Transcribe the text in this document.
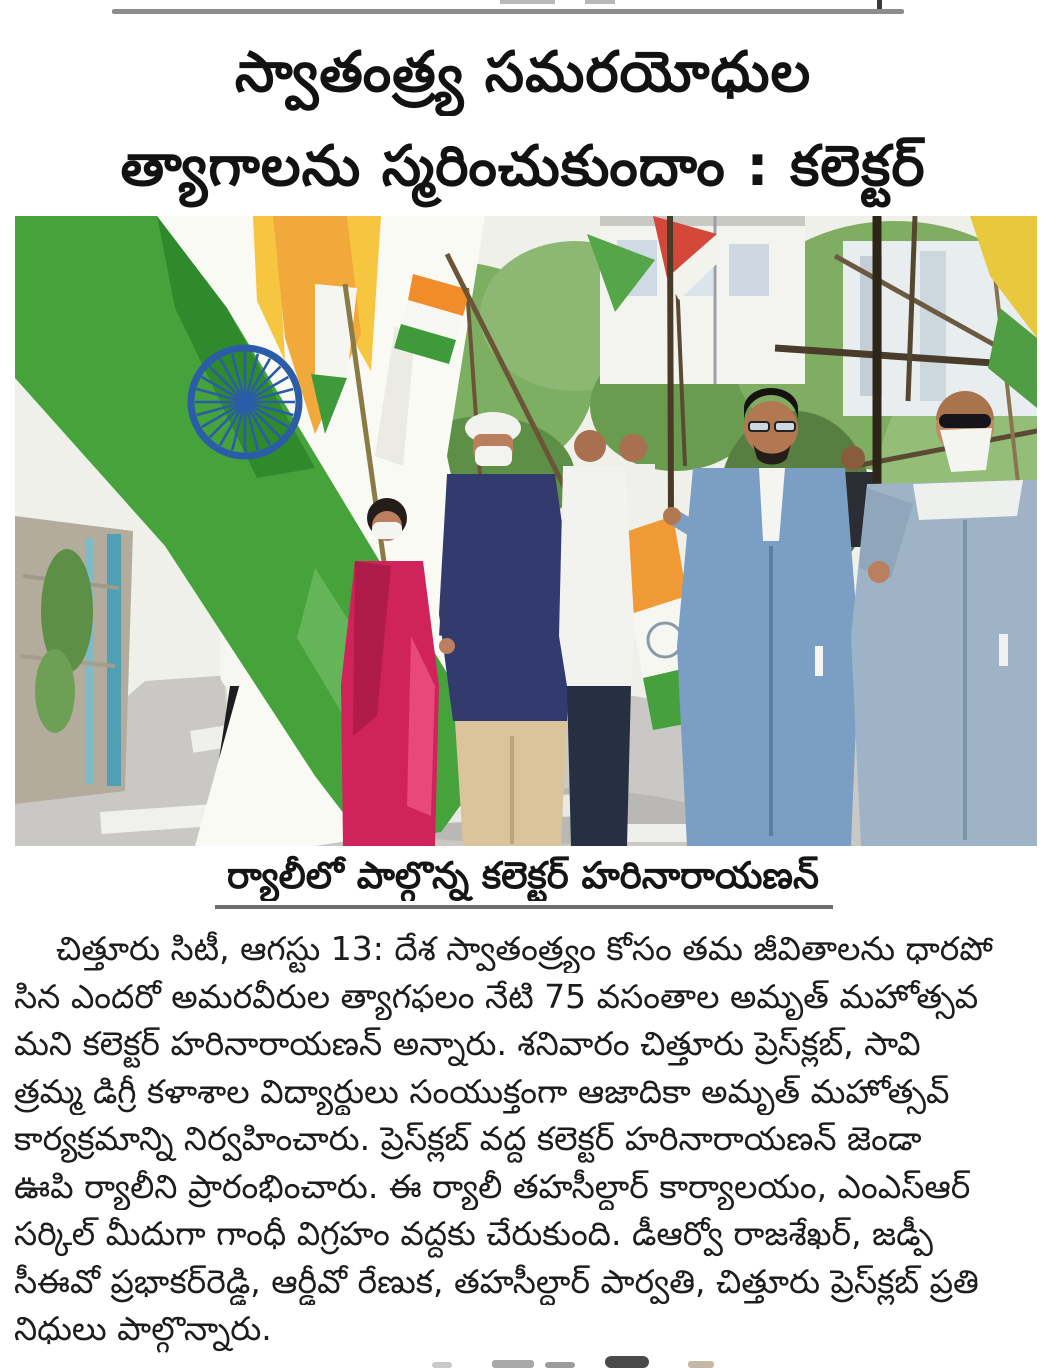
స్వాతంత్ర్య సమరయోధుల
త్యాగాలను స్మరించుకుందాం : కలెక్టర్
ర్యాలీలో పాల్గొన్న కలెక్టర్ హరినారాయణన్
చిత్తూరు సిటీ, ఆగస్టు 13: దేశ స్వాతంత్ర్యం కోసం తమ జీవితాలను ధారపో
సిన ఎందరో అమరవీరుల త్యాగఫలం నేటి 75 వసంతాల అమృత్ మహోత్సవ
మని కలెక్టర్ హరినారాయణన్ అన్నారు. శనివారం చిత్తూరు ప్రెస్‌క్లబ్, సావి
త్రమ్మ డిగ్రీ కళాశాల విద్యార్థులు సంయుక్తంగా ఆజాదికా అమృత్ మహోత్సవ్
కార్యక్రమాన్ని నిర్వహించారు. ప్రెస్‌క్లబ్ వద్ద కలెక్టర్ హరినారాయణన్ జెండా
ఊపి ర్యాలీని ప్రారంభించారు. ఈ ర్యాలీ తహసీల్దార్ కార్యాలయం, ఎంఎస్ఆర్
సర్కిల్ మీదుగా గాంధీ విగ్రహం వద్దకు చేరుకుంది. డీఆర్వో రాజశేఖర్, జడ్పీ
సీఈవో ప్రభాకర్‌రెడ్డి, ఆర్డీవో రేణుక, తహసీల్దార్ పార్వతి, చిత్తూరు ప్రెస్‌క్లబ్ ప్రతి
నిధులు పాల్గొన్నారు.
